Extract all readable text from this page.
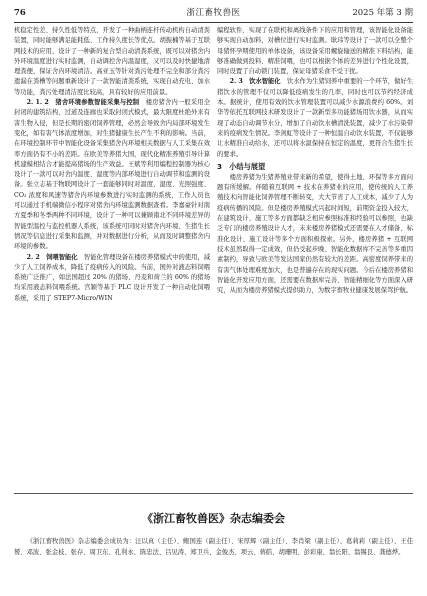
76	浙江畜牧兽医	2025 年第 3 期

机稳定性差、持久性低等特点，开发了一种曲柄连杆传动机构自动清粪装置，同时能够满足能耗低、工作持久度长等优点。胡振楠等基于互联网技术的应用，设计了一种新的复合型自动清粪系统，既可以对猪舍内外环境温度进行实时监测，自动调控舍内温湿度，又可以及时快捷地清理粪便，保证舍内环境清洁。高亚玉等针对粪污处理不完全和部分粪污遗漏在粪槽等问题重新设计了一款智能清粪系统，实现自动充电、加水等功能，粪污处理清洁度比较高，具有较好的应用前景。

2. 1. 2　 猪舍环境参数智能采集与控制　 楼房猪舍内一般采用全封闭的建筑结构，过道及连廊也采取封闭式模式，最大限度杜绝外来有害生物入侵，但是长期的密闭饲养管理，必然会导致舍内局部环境发生变化，如有害气体浓度增加，对生猪健康生长产生不利的影响。当前，在环境控制环节中智能化设备采集猪舍内环境相关数据与人工采集在效率方面仍有不小的差距。在欧美等养猪大国，现代化精准养殖引导计算机建模相结合才能提高猪场的生产效益。王斌等利用编程控制器为核心设计了一款可以对舍内温度、湿度等内部环境进行自动调节和监测的设备。张立志基于物联网设计了一套能够同时对温度、湿度、光照强度、CO₂ 浓度和风速等猪舍内环境参数进行实时监测的系统，工作人员也可以通过手机端微信小程序对猪舍内环境监测数据查看。李嘉豪针对南方夏季和冬季两种不同环境，设计了一种可以兼顾南北不同环境差异的智能型温控与监控机器人系统，该系统可同时对猪舍内环境、生猪生长情况等信息进行采集和监测，并对数据进行分析，从而及时调整猪舍内环境的参数。

2. 2　 饲喂智能化　 智能化管理设备在楼房养猪模式中的使用，减少了人工饲养成本，降低了疫病传入的风险。当前，国外对液态料饲喂系统广泛推广，如法国超过 20% 的猪场、丹麦和荷兰的 60% 的猪场均采用液态料饲喂系统。宫颖等基于 PLC 设计开发了一种自动化饲喂系统，采用了 STEP7-Micro/WIN

编程软件，实现了在联机和离线条件下的应用和管理，该智能化设备能够实现自动加料，对槽位进行实时监测。耿玮等设计了一款可以全整个母猪怀孕期使用的单体设备，该设备采用螺旋输送的精准下料结构，能够准确做到投料、精准饲喂，也可以根据个体的差异进行个性化设置，同时设置了自动锁门装置，保证母猪采食不受干扰。

2. 3　 饮水智能化　 饮水作为生猪饲养中重要的一个环节，做好生猪饮水的管理不仅可以降低疫病发生的几率，同时也可以节约经济成本。据统计，使用有效的饮水管理装置可以减少水源浪费约 60%。刘华等依托互联网技术研发设计了一款新型多功能猪场用饮水器，从而实现了动态自动调节水分，增加了自动饮水槽清洗装置，减少了水污染带来的疫病发生情况。李剑虹等设计了一种恒温自动饮水装置，不仅能够让水精准自动给水，还可以将水温保持在恒定的温度，更符合生猪生长的要求。

3　小结与展望

楼房养猪为生猪养殖业带来新的希望，使得土地、环保等多方面问题有所缓解。伴随着互联网 + 技术在养猪业的应用，使传统的人工养殖技术向智能化饲养管理不断转变，大大节省了人工成本，减少了人为疫病传播的风险。但是楼房养殖模式兴起时间短，前期资金投入较大，在建筑设计、施工等多方面都缺乏相应参照标准和经验可以参照，也缺乏专门的楼房养殖设计人才，未来楼房养猪模式还需要在人才储备、标准化设计、施工设计等多个方面积极探索。另外，楼房养猪 + 互联网技术虽然取得一定成效，但仍受起步晚、智能化数据库不完善等多重因素制约，导致与欧美等发达国家仍然有较大的差距。高密度饲养带来的有害气体处理难度加大，也是普遍存在的现实问题。今后在楼房养猪和智能化开发应用方面，还需要在数据库完善、智能精细化等方面深入研究，从而为楼房养猪模式提供助力，为数字畜牧业健康发展保驾护航。

《浙江畜牧兽医》杂志编委会
《浙江畜牧兽医》杂志编委会成员为：汪以真（主任）、鲍国连（副主任）、宋厚辉（副主任）、李肖梁（副主任）、葛莉莉（副主任）、王佳赟、邓波、张金枝、张存、周卫东、孔利永、陈忠法、吕见涛、郑卫兵、金俊杰、项云、蒋皓、胡珊明、彭彩康、翁长阳、翁锡良、龚德烨。
